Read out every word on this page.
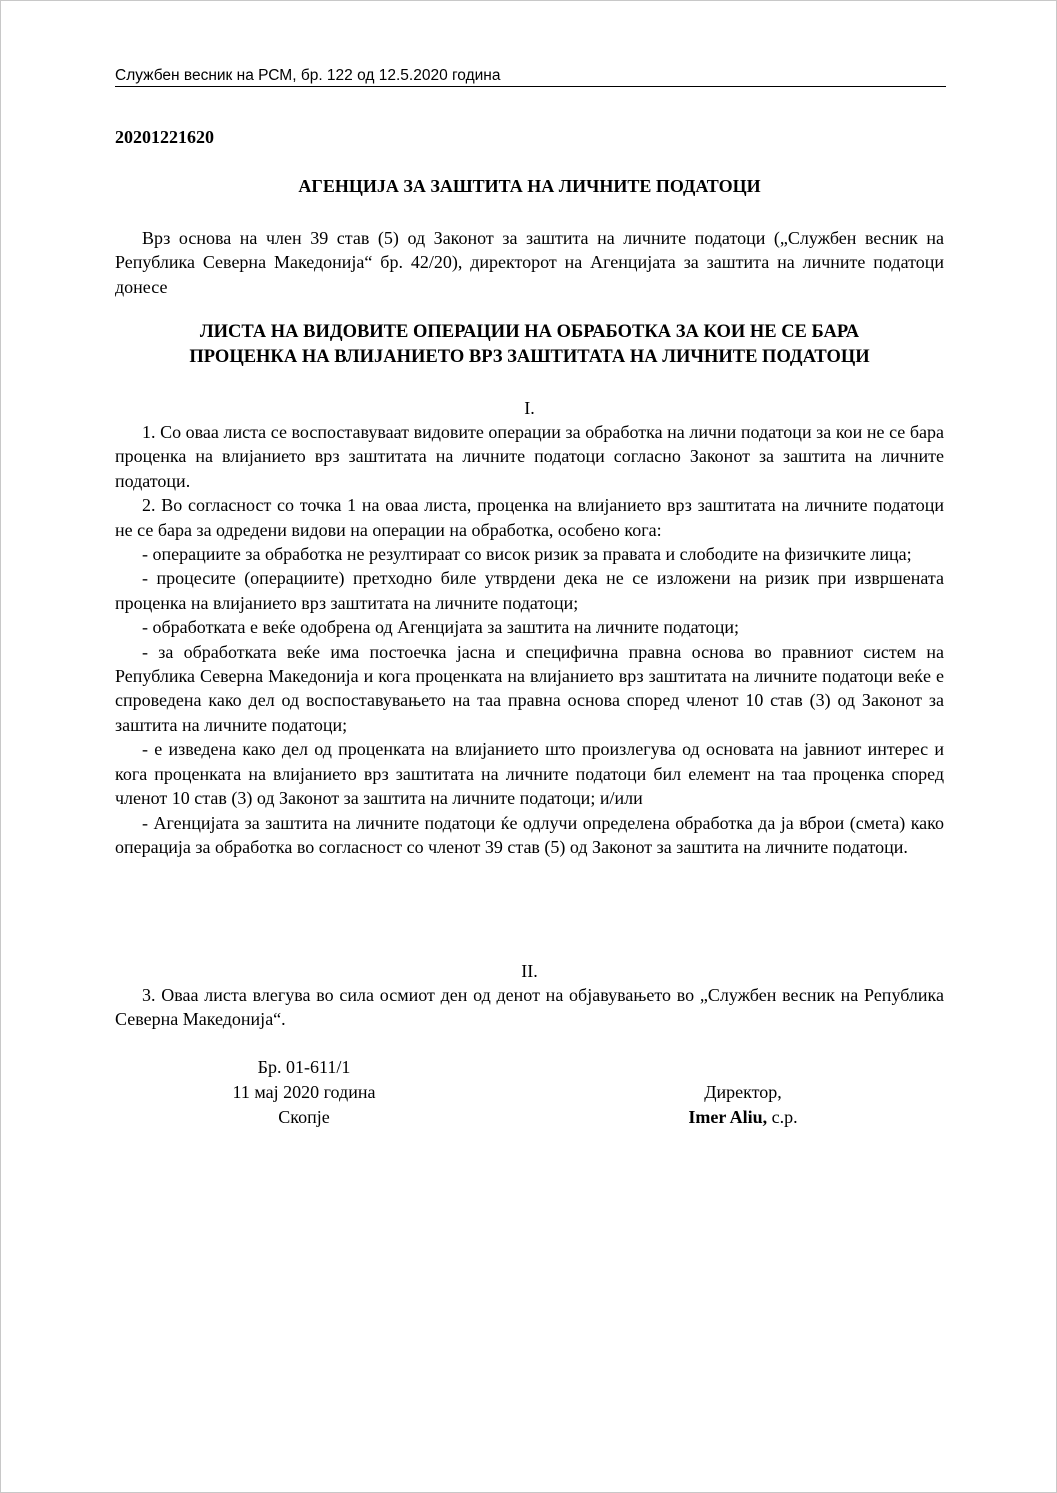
Службен весник на РСМ, бр. 122 од 12.5.2020 година
20201221620
АГЕНЦИЈА ЗА ЗАШТИТА НА ЛИЧНИТЕ ПОДАТОЦИ

Врз основа на член 39 став (5) од Законот за заштита на личните податоци („Службен весник на Република Северна Македонија“ бр. 42/20), директорот на Агенцијата за заштита на личните податоци донесе

ЛИСТА НА ВИДОВИТЕ ОПЕРАЦИИ НА ОБРАБОТКА ЗА КОИ НЕ СЕ БАРА
ПРОЦЕНКА НА ВЛИЈАНИЕТО ВРЗ ЗАШТИТАТА НА ЛИЧНИТЕ ПОДАТОЦИ
I.

1. Со оваа листа се воспоставуваат видовите операции за обработка на лични податоци за кои не се бара проценка на влијанието врз заштитата на личните податоци согласно Законот за заштита на личните податоци.

2. Во согласност со точка 1 на оваа листа, проценка на влијанието врз заштитата на личните податоци не се бара за одредени видови на операции на обработка, особено кога:

- операциите за обработка не резултираат со висок ризик за правата и слободите на физичките лица;

- процесите (операциите) претходно биле утврдени дека не се изложени на ризик при извршената проценка на влијанието врз заштитата на личните податоци;

- обработката е веќе одобрена од Агенцијата за заштита на личните податоци;

- за обработката веќе има постоечка јасна и специфична правна основа во правниот систем на Република Северна Македонија и кога проценката на влијанието врз заштитата на личните податоци веќе е спроведена како дел од воспоставувањето на таа правна основа според членот 10 став (3) од Законот за заштита на личните податоци;

- е изведена како дел од проценката на влијанието што произлегува од основата на јавниот интерес и кога проценката на влијанието врз заштитата на личните податоци бил елемент на таа проценка според членот 10 став (3) од Законот за заштита на личните податоци; и/или

- Агенцијата за заштита на личните податоци ќе одлучи определена обработка да ја вброи (смета) како операција за обработка во согласност со членот 39 став (5) од Законот за заштита на личните податоци.

II.

3. Оваа листа влегува во сила осмиот ден од денот на објавувањето во „Службен весник на Република Северна Македонија“.

Бр. 01-611/1
11 мај 2020 година
Скопје
Директор,
Imer Aliu, с.р.
